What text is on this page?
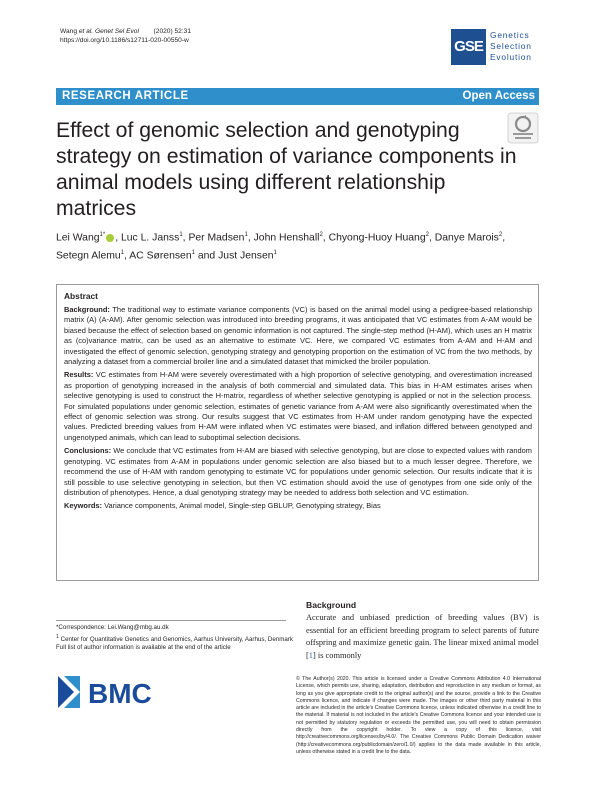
Wang et al. Genet Sel Evol (2020) 52:31
https://doi.org/10.1186/s12711-020-00550-w	GSE
Genetics
Selection
Evolution
RESEARCH ARTICLE	Open Access
Effect of genomic selection and genotyping strategy on estimation of variance components in animal models using different relationship matrices
Lei Wang$^{1*}$ , Luc L. Janss$^1$, Per Madsen$^1$, John Henshall$^2$, Chyong-Huoy Huang$^2$, Danye Marois$^2$, Setegn Alemu$^1$, AC Sørensen$^1$ and Just Jensen$^1$
Abstract

Background: The traditional way to estimate variance components (VC) is based on the animal model using a pedigree-based relationship matrix (A) (A-AM). After genomic selection was introduced into breeding programs, it was anticipated that VC estimates from A-AM would be biased because the effect of selection based on genomic information is not captured. The single-step method (H-AM), which uses an H matrix as (co)variance matrix, can be used as an alternative to estimate VC. Here, we compared VC estimates from A-AM and H-AM and investigated the effect of genomic selection, genotyping strategy and genotyping proportion on the estimation of VC from the two methods, by analyzing a dataset from a commercial broiler line and a simulated dataset that mimicked the broiler population.

Results: VC estimates from H-AM were severely overestimated with a high proportion of selective genotyping, and overestimation increased as proportion of genotyping increased in the analysis of both commercial and simulated data. This bias in H-AM estimates arises when selective genotyping is used to construct the H-matrix, regardless of whether selective genotyping is applied or not in the selection process. For simulated populations under genomic selection, estimates of genetic variance from A-AM were also significantly overestimated when the effect of genomic selection was strong. Our results suggest that VC estimates from H-AM under random genotyping have the expected values. Predicted breeding values from H-AM were inflated when VC estimates were biased, and inflation differed between genotyped and ungenotyped animals, which can lead to suboptimal selection decisions.

Conclusions: We conclude that VC estimates from H-AM are biased with selective genotyping, but are close to expected values with random genotyping. VC estimates from A-AM in populations under genomic selection are also biased but to a much lesser degree. Therefore, we recommend the use of H-AM with random genotyping to estimate VC for populations under genomic selection. Our results indicate that it is still possible to use selective genotyping in selection, but then VC estimation should avoid the use of genotypes from one side only of the distribution of phenotypes. Hence, a dual genotyping strategy may be needed to address both selection and VC estimation.

Keywords: Variance components, Animal model, Single-step GBLUP, Genotyping strategy, Bias

Background
Accurate and unbiased prediction of breeding values (BV) is essential for an efficient breeding program to select parents of future offspring and maximize genetic gain. The linear mixed animal model [1] is commonly
*Correspondence: Lei.Wang@mbg.au.dk
$^1$ Center for Quantitative Genetics and Genomics, Aarhus University, Aarhus, Denmark
Full list of author information is available at the end of the article
BMC	© The Author(s) 2020. This article is licensed under a Creative Commons Attribution 4.0 International License, which permits use, sharing, adaptation, distribution and reproduction in any medium or format, as long as you give appropriate credit to the original author(s) and the source, provide a link to the Creative Commons licence, and indicate if changes were made. The images or other third party material in this article are included in the article's Creative Commons licence, unless indicated otherwise in a credit line to the material. If material is not included in the article's Creative Commons licence and your intended use is not permitted by statutory regulation or exceeds the permitted use, you will need to obtain permission directly from the copyright holder. To view a copy of this licence, visit http://creativecommons.org/licenses/by/4.0/. The Creative Commons Public Domain Dedication waiver (http://creativecommons.org/publicdomain/zero/1.0/) applies to the data made available in this article, unless otherwise stated in a credit line to the data.
